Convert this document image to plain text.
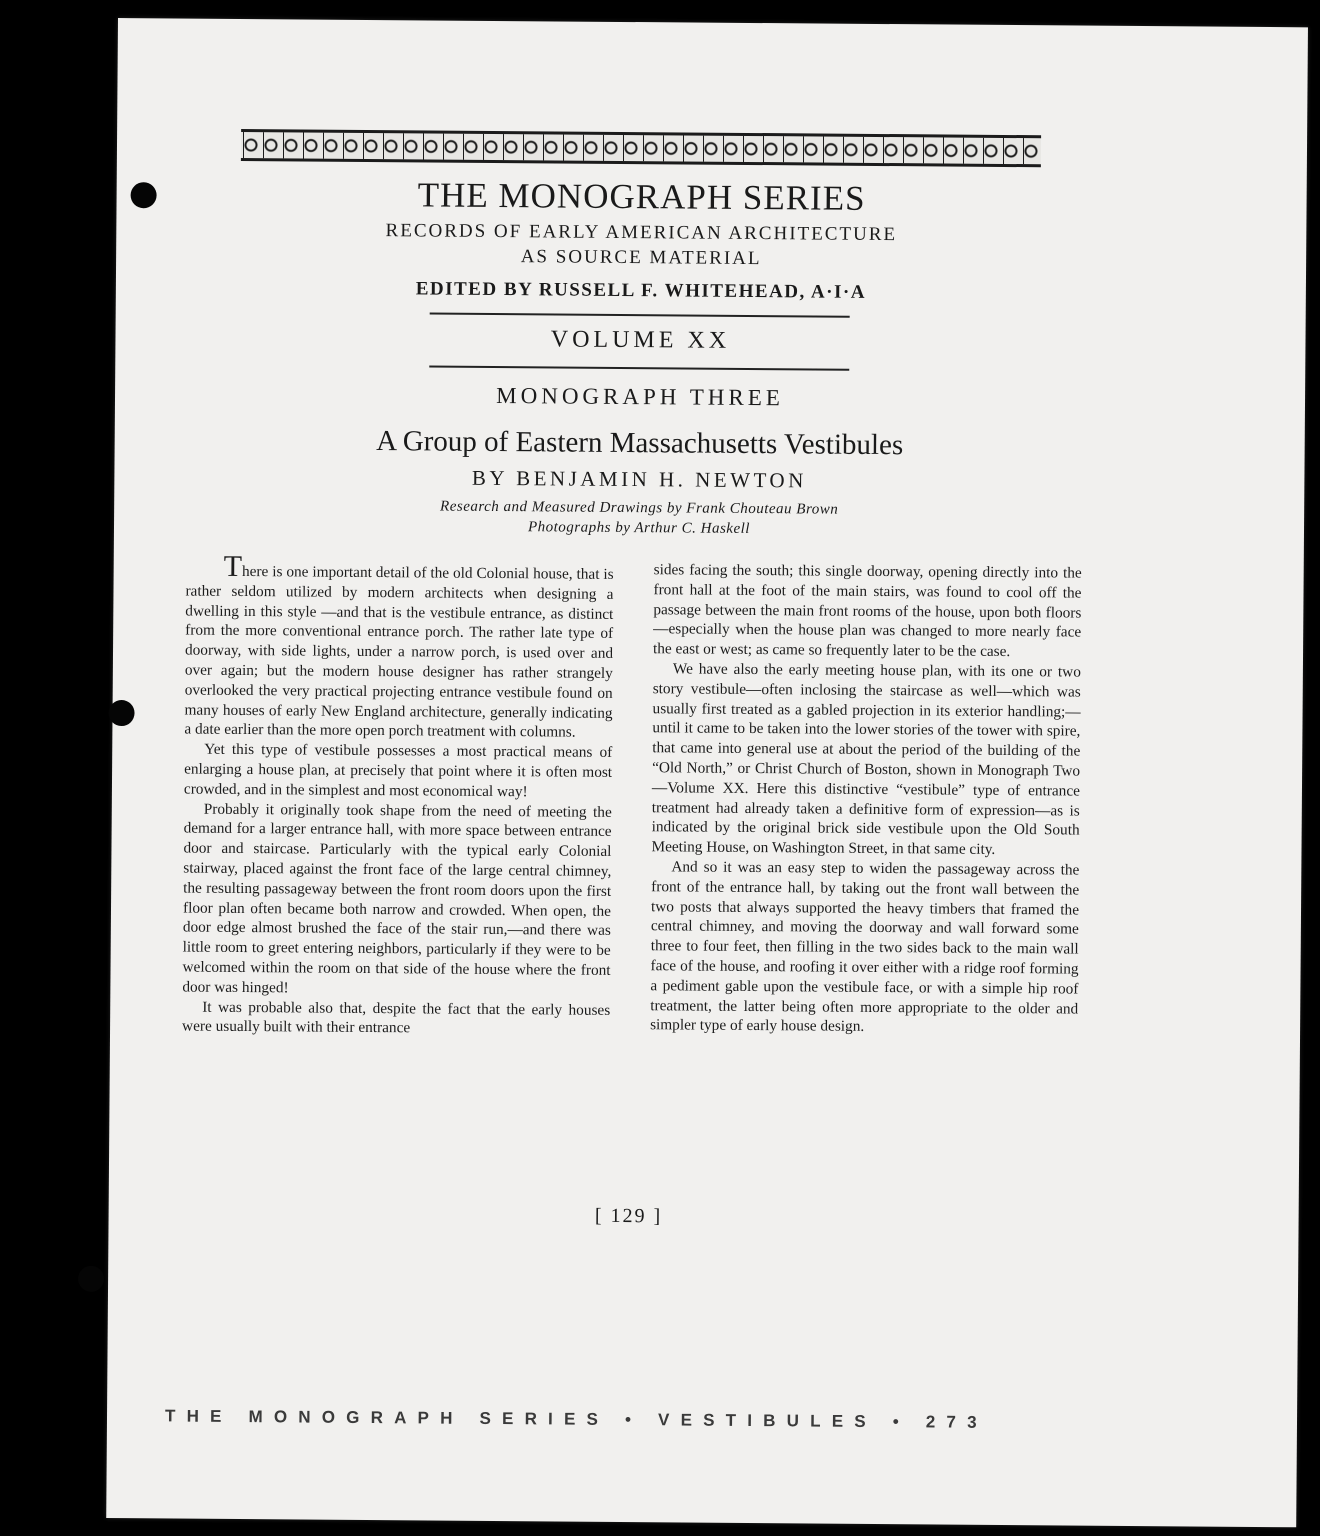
THE MONOGRAPH SERIES
RECORDS OF EARLY AMERICAN ARCHITECTURE
AS SOURCE MATERIAL
EDITED BY RUSSELL F. WHITEHEAD, A·I·A
VOLUME XX
MONOGRAPH THREE
A Group of Eastern Massachusetts Vestibules
BY BENJAMIN H. NEWTON
Research and Measured Drawings by Frank Chouteau Brown
Photographs by Arthur C. Haskell

There is one important detail of the old Colonial house, that is rather seldom utilized by modern architects when designing a dwelling in this style —and that is the vestibule entrance, as distinct from the more conventional entrance porch. The rather late type of doorway, with side lights, under a narrow porch, is used over and over again; but the modern house designer has rather strangely overlooked the very practical projecting entrance vestibule found on many houses of early New England architecture, generally indicating a date earlier than the more open porch treatment with columns.

Yet this type of vestibule possesses a most practical means of enlarging a house plan, at precisely that point where it is often most crowded, and in the simplest and most economical way!

Probably it originally took shape from the need of meeting the demand for a larger entrance hall, with more space between entrance door and staircase. Particularly with the typical early Colonial stairway, placed against the front face of the large central chimney, the resulting passageway between the front room doors upon the first floor plan often became both narrow and crowded. When open, the door edge almost brushed the face of the stair run,—and there was little room to greet entering neighbors, particularly if they were to be welcomed within the room on that side of the house where the front door was hinged!

It was probable also that, despite the fact that the early houses were usually built with their entrance

sides facing the south; this single doorway, opening directly into the front hall at the foot of the main stairs, was found to cool off the passage between the main front rooms of the house, upon both floors—especially when the house plan was changed to more nearly face the east or west; as came so frequently later to be the case.

We have also the early meeting house plan, with its one or two story vestibule—often inclosing the staircase as well—which was usually first treated as a gabled projection in its exterior handling;—until it came to be taken into the lower stories of the tower with spire, that came into general use at about the period of the building of the “Old North,” or Christ Church of Boston, shown in Monograph Two—Volume XX. Here this distinctive “vestibule” type of entrance treatment had already taken a definitive form of expression—as is indicated by the original brick side vestibule upon the Old South Meeting House, on Washington Street, in that same city.

And so it was an easy step to widen the passageway across the front of the entrance hall, by taking out the front wall between the two posts that always supported the heavy timbers that framed the central chimney, and moving the doorway and wall forward some three to four feet, then filling in the two sides back to the main wall face of the house, and roofing it over either with a ridge roof forming a pediment gable upon the vestibule face, or with a simple hip roof treatment, the latter being often more appropriate to the older and simpler type of early house design.

[ 129 ]
THE MONOGRAPH SERIES • VESTIBULES • 273
